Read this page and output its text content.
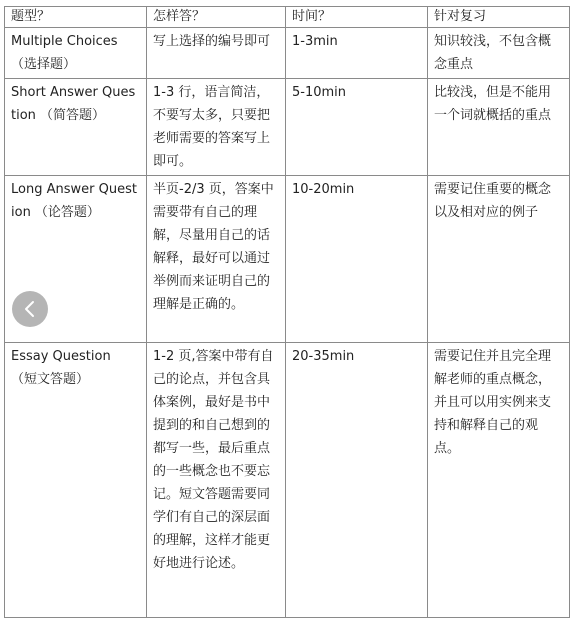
题型？	怎样答？	时间？	针对复习
Multiple Choices（选择题）	写上选择的编号即可	1-3min	知识较浅，不包含概念重点
Short Answer Question （简答题）	1-3 行，语言简洁，不要写太多，只要把老师需要的答案写上即可。	5-10min	比较浅，但是不能用一个词就概括的重点
Long Answer Question （论答题）	半页-2/3 页，答案中需要带有自己的理解，尽量用自己的话解释，最好可以通过举例而来证明自己的理解是正确的。	10-20min	需要记住重要的概念以及相对应的例子
Essay Question （短文答题）	1-2 页,答案中带有自己的论点，并包含具体案例，最好是书中提到的和自己想到的都写一些，最后重点的一些概念也不要忘记。短文答题需要同学们有自己的深层面的理解，这样才能更好地进行论述。	20-35min	需要记住并且完全理解老师的重点概念，并且可以用实例来支持和解释自己的观点。
